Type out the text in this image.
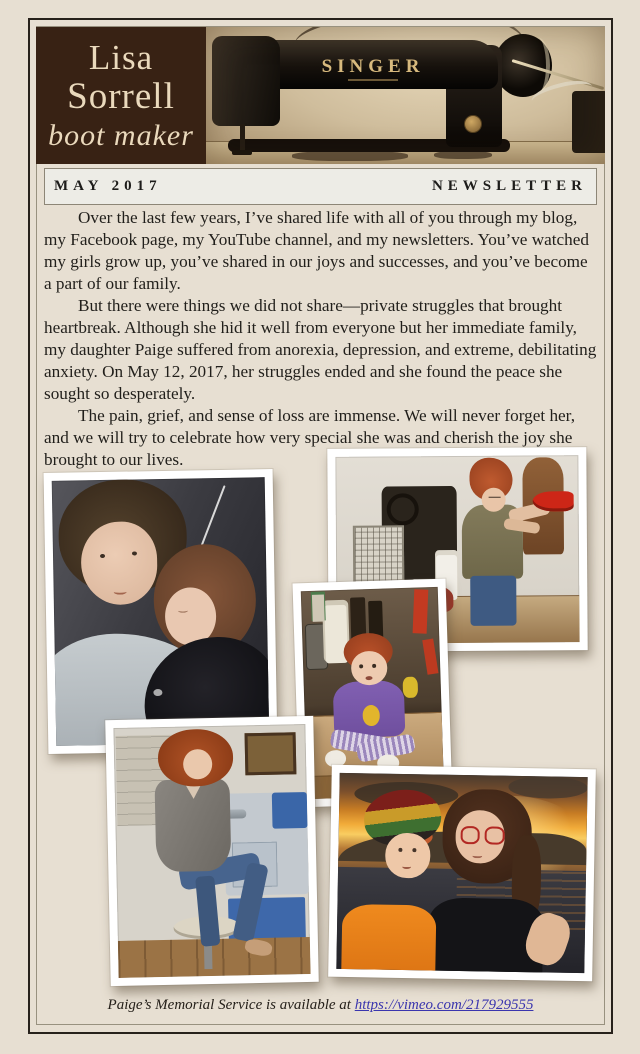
Lisa
Sorrell
boot maker
SINGER
MAY 2017	NEWSLETTER

Over the last few years, I’ve shared life with all of you through my blog, my Facebook page, my YouTube channel, and my newsletters. You’ve watched my girls grow up, you’ve shared in our joys and successes, and you’ve become a part of our family.

But there were things we did not share—private struggles that brought heartbreak. Although she hid it well from everyone but her immediate family, my daughter Paige suffered from anorexia, depression, and extreme, debilitating anxiety. On May 12, 2017, her struggles ended and she found the peace she sought so desperately.

The pain, grief, and sense of loss are immense. We will never forget her, and we will try to celebrate how very special she was and cherish the joy she brought to our lives.

Paige’s Memorial Service is available at https://vimeo.com/217929555
